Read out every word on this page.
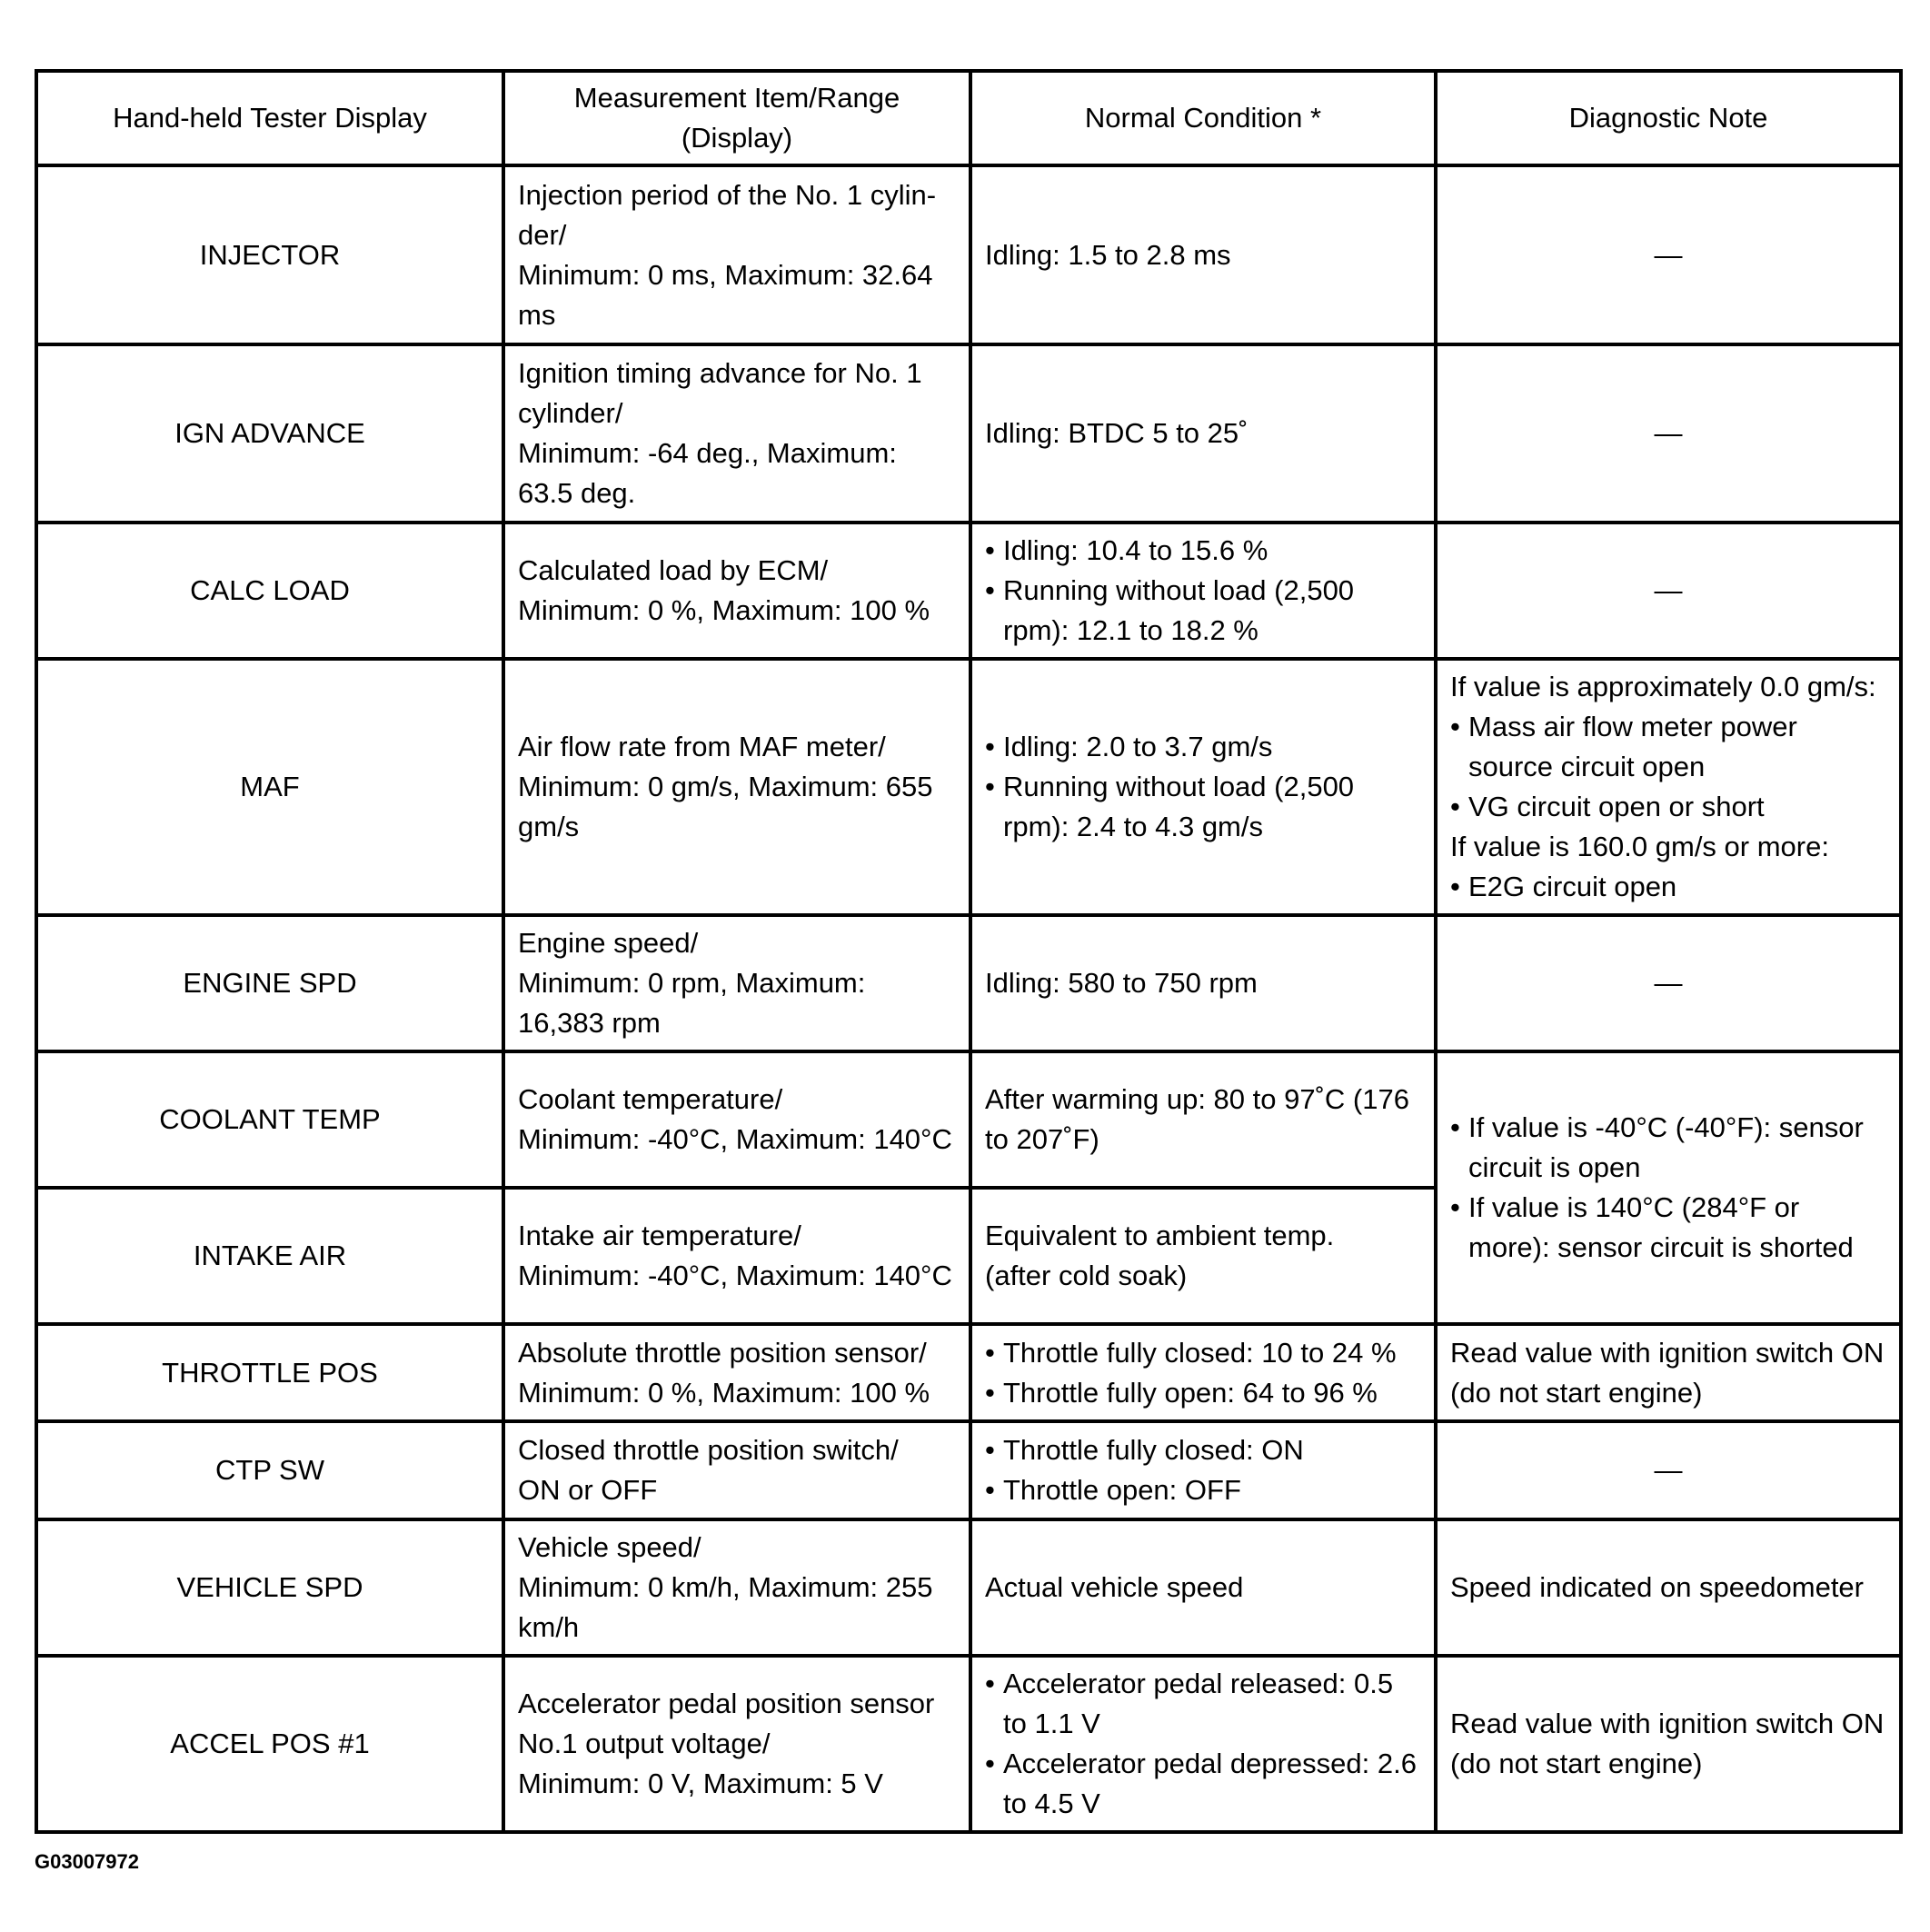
Hand-held Tester Display	Measurement Item/Range (Display)	Normal Condition *	Diagnostic Note
INJECTOR	Injection period of the No. 1 cylin-der/
Minimum: 0 ms, Maximum: 32.64 ms	Idling: 1.5 to 2.8 ms	—
IGN ADVANCE	Ignition timing advance for No. 1 cylinder/
Minimum: -64 deg., Maximum: 63.5 deg.	Idling: BTDC 5 to 25˚	—
CALC LOAD	Calculated load by ECM/
Minimum: 0 %, Maximum: 100 %	• Idling: 10.4 to 15.6 %
• Running without load (2,500 rpm): 12.1 to 18.2 %	—
MAF	Air flow rate from MAF meter/
Minimum: 0 gm/s, Maximum: 655 gm/s	• Idling: 2.0 to 3.7 gm/s
• Running without load (2,500 rpm): 2.4 to 4.3 gm/s	If value is approximately 0.0 gm/s:
• Mass air flow meter power source circuit open
• VG circuit open or short
If value is 160.0 gm/s or more:
• E2G circuit open

ENGINE SPD	Engine speed/
Minimum: 0 rpm, Maximum: 16,383 rpm	Idling: 580 to 750 rpm	—
COOLANT TEMP	Coolant temperature/
Minimum: -40°C, Maximum: 140°C	After warming up: 80 to 97˚C (176 to 207˚F)	• If value is -40°C (-40°F): sensor circuit is open
• If value is 140°C (284°F or more): sensor circuit is shorted

INTAKE AIR	Intake air temperature/
Minimum: -40°C, Maximum: 140°C	Equivalent to ambient temp.
(after cold soak)	

THROTTLE POS	Absolute throttle position sensor/
Minimum: 0 %, Maximum: 100 %	• Throttle fully closed: 10 to 24 %
• Throttle fully open: 64 to 96 %	Read value with ignition switch ON
(do not start engine)

CTP SW	Closed throttle position switch/
ON or OFF	• Throttle fully closed: ON
• Throttle open: OFF	—
VEHICLE SPD	Vehicle speed/
Minimum: 0 km/h, Maximum: 255 km/h	Actual vehicle speed	Speed indicated on speedometer

ACCEL POS #1	Accelerator pedal position sensor No.1 output voltage/
Minimum: 0 V, Maximum: 5 V	• Accelerator pedal released: 0.5 to 1.1 V
• Accelerator pedal depressed: 2.6 to 4.5 V	Read value with ignition switch ON
(do not start engine)
G03007972
